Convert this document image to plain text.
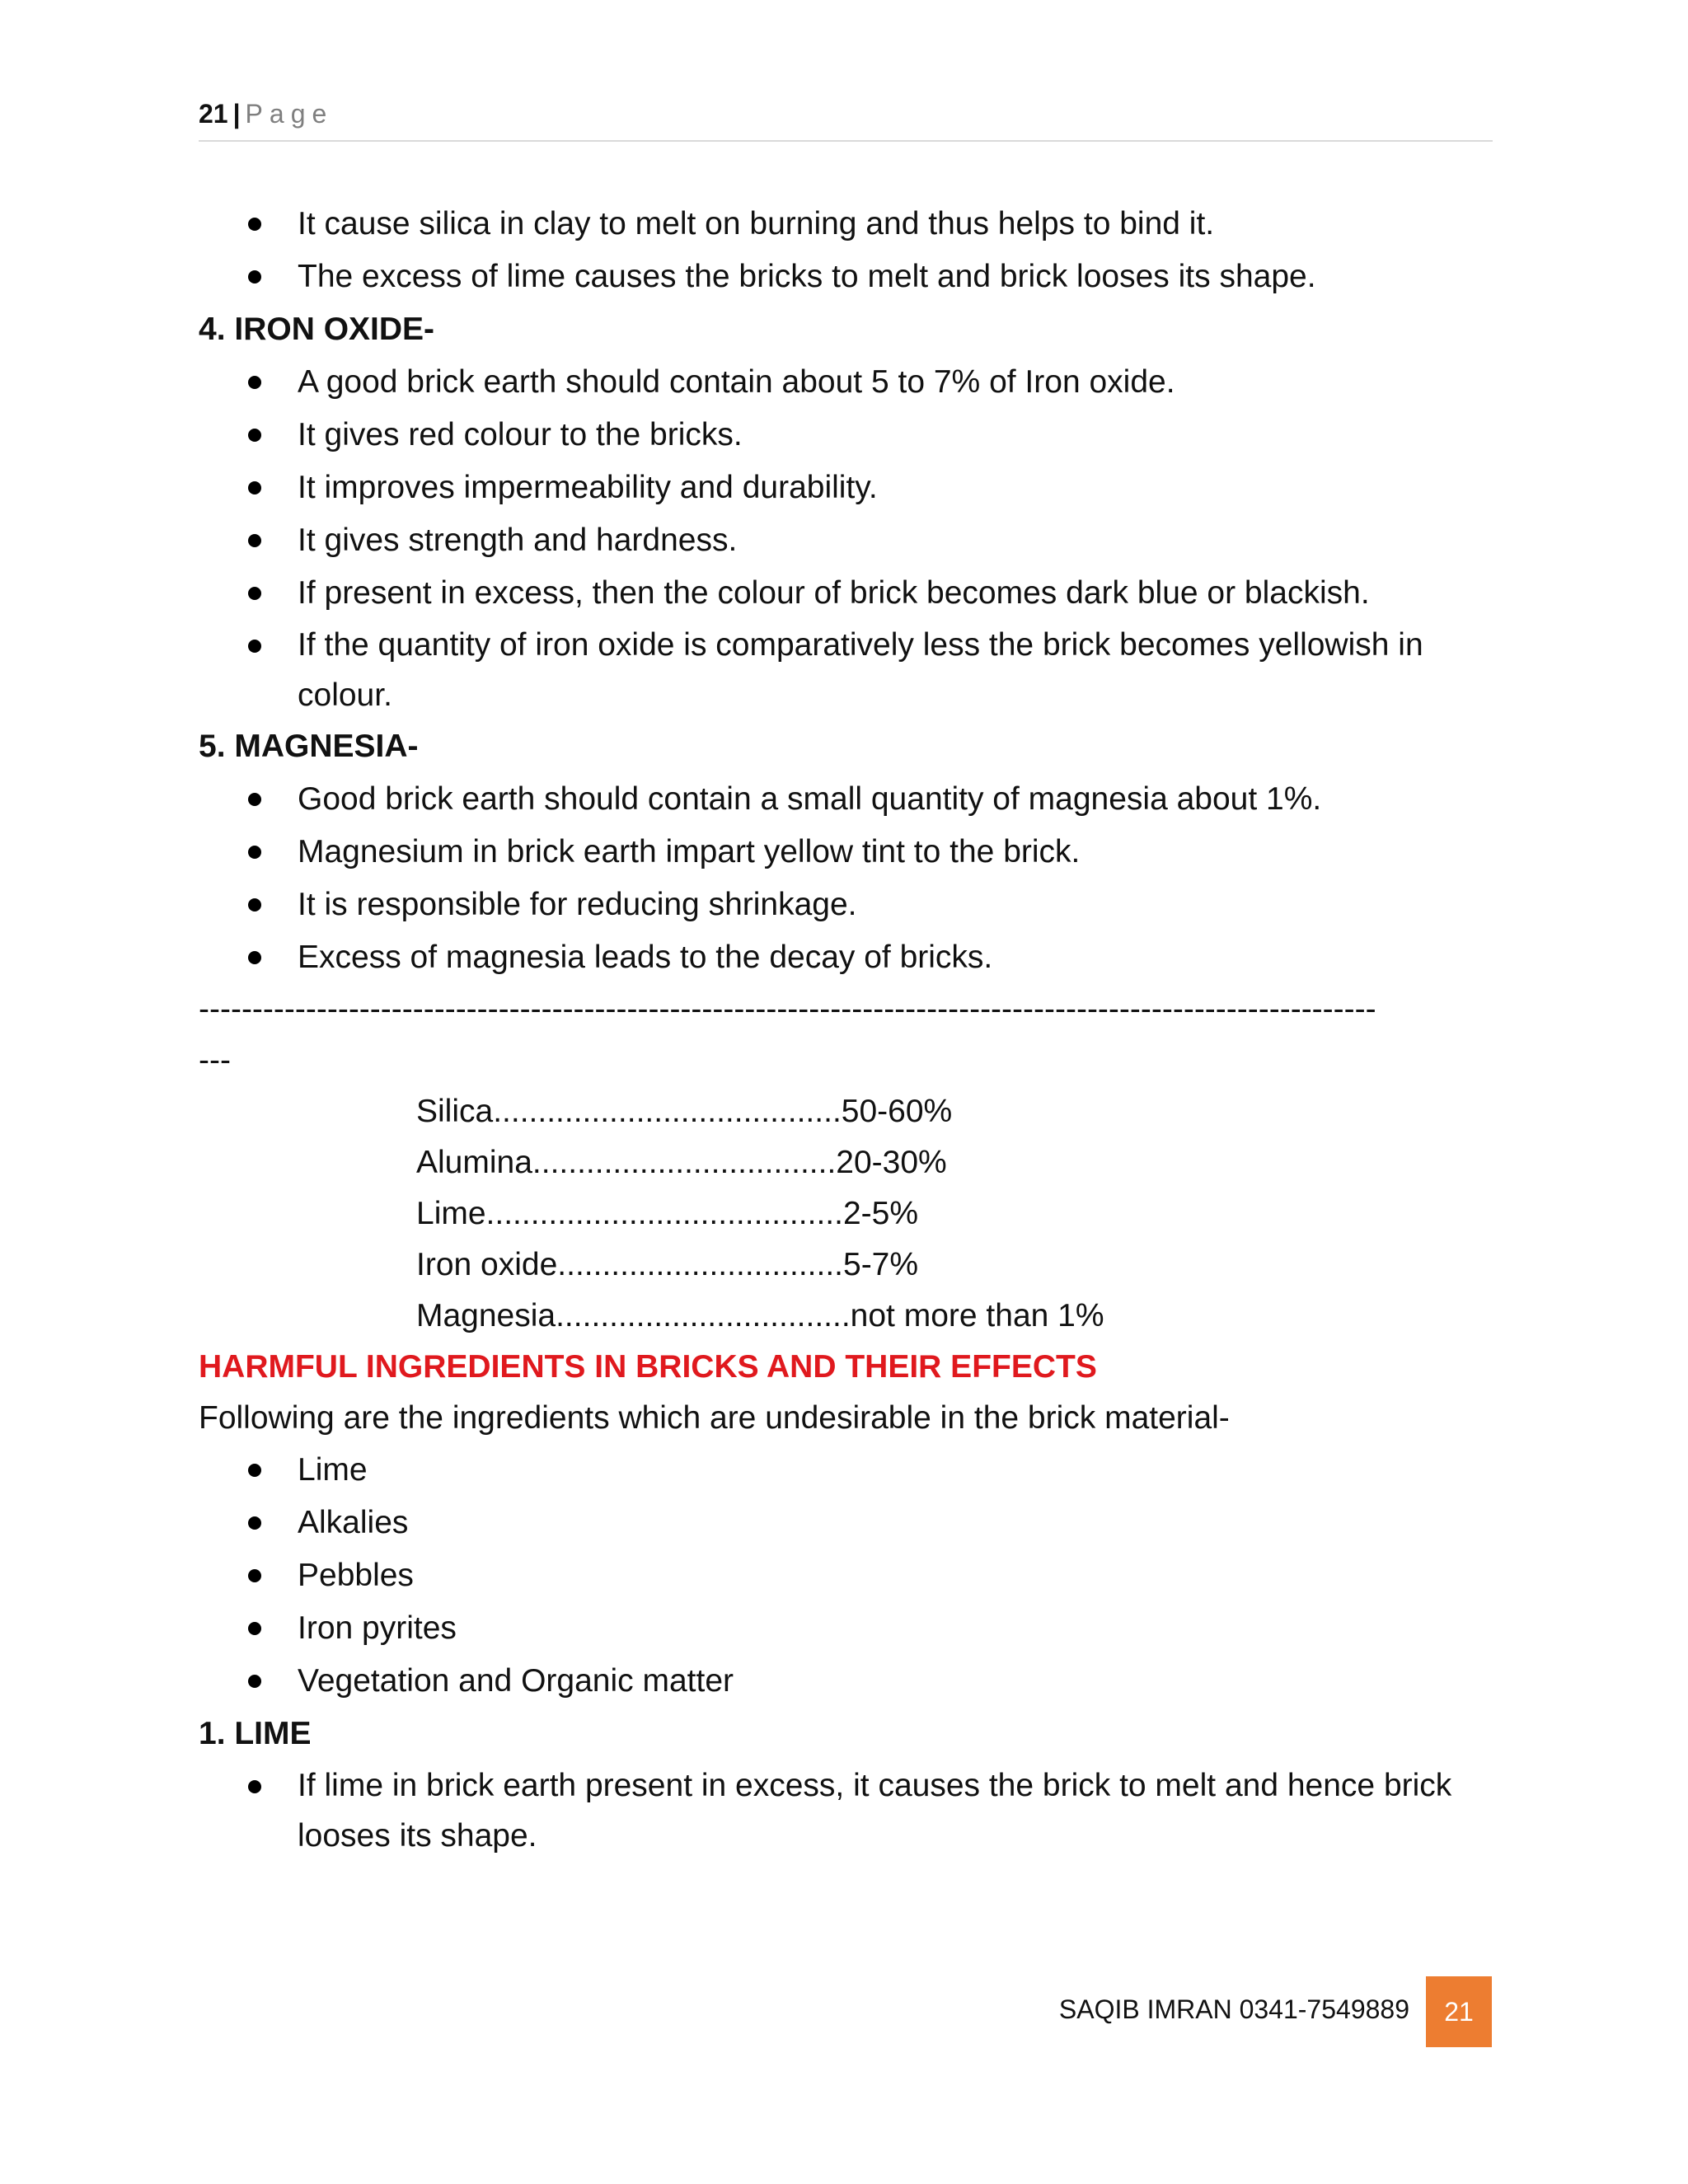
21 | Page
It cause silica in clay to melt on burning and thus helps to bind it.
The excess of lime causes the bricks to melt and brick looses its shape.
4. IRON OXIDE-
A good brick earth should contain about 5 to 7% of Iron oxide.
It gives red colour to the bricks.
It improves impermeability and durability.
It gives strength and hardness.
If present in excess, then the colour of brick becomes dark blue or blackish.
If the quantity of iron oxide is comparatively less the brick becomes yellowish in colour.
5. MAGNESIA-
Good brick earth should contain a small quantity of magnesia about 1%.
Magnesium in brick earth impart yellow tint to the brick.
It is responsible for reducing shrinkage.
Excess of magnesia leads to the decay of bricks.
--------------------------------------------------------------------------------------------------------------
---
Silica.......................................50-60%
Alumina..................................20-30%
Lime........................................2-5%
Iron oxide................................5-7%
Magnesia.................................not more than 1%
HARMFUL INGREDIENTS IN BRICKS AND THEIR EFFECTS
Following are the ingredients which are undesirable in the brick material-
Lime
Alkalies
Pebbles
Iron pyrites
Vegetation and Organic matter
1. LIME
If lime in brick earth present in excess, it causes the brick to melt and hence brick looses its shape.
SAQIB IMRAN 0341-7549889	21
